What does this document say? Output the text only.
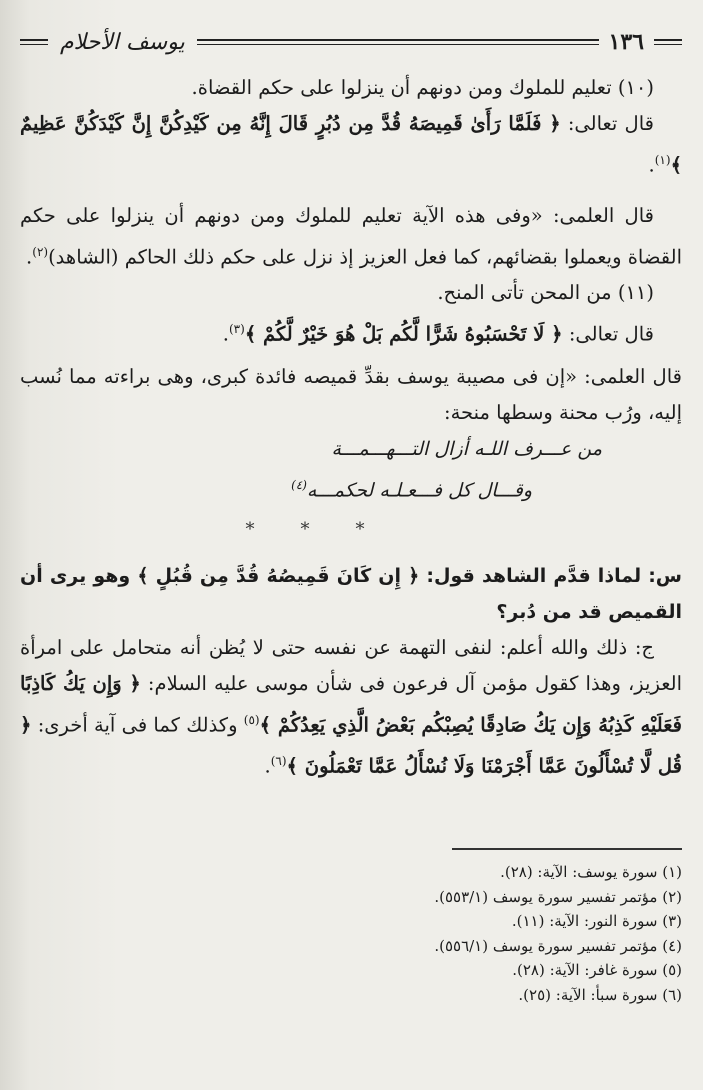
١٣٦
يوسف الأحلام

(١٠) تعليم للملوك ومن دونهم أن ينزلوا على حكم القضاة.

قال تعالى: ﴿ فَلَمَّا رَأَىٰ قَمِيصَهُ قُدَّ مِن دُبُرٍ قَالَ إِنَّهُ مِن كَيْدِكُنَّ إِنَّ كَيْدَكُنَّ عَظِيمٌ ﴾$^{(١)}$.

قال العلمى: «وفى هذه الآية تعليم للملوك ومن دونهم أن ينزلوا على حكم القضاة ويعملوا بقضائهم، كما فعل العزيز إذ نزل على حكم ذلك الحاكم (الشاهد)$^{(٢)}$.

(١١) من المحن تأتى المنح.

قال تعالى: ﴿ لَا تَحْسَبُوهُ شَرًّا لَّكُم بَلْ هُوَ خَيْرٌ لَّكُمْ ﴾$^{(٣)}$.

قال العلمى: «إن فى مصيبة يوسف بقدِّ قميصه فائدة كبرى، وهى براءته مما نُسب إليه، ورُب محنة وسطها منحة:

من عـــرف اللـه أزال التـــهـــمـــة

وقـــال كل فـــعـلـه لحكمـــه$^{(٤)}$

***

س: لماذا قدَّم الشاهد قول: ﴿ إِن كَانَ قَمِيصُهُ قُدَّ مِن قُبُلٍ ﴾ وهو يرى أن القميص قد من دُبر؟

ج: ذلك والله أعلم: لنفى التهمة عن نفسه حتى لا يُظن أنه متحامل على امرأة العزيز، وهذا كقول مؤمن آل فرعون فى شأن موسى عليه السلام: ﴿ وَإِن يَكُ كَاذِبًا فَعَلَيْهِ كَذِبُهُ وَإِن يَكُ صَادِقًا يُصِبْكُم بَعْضُ الَّذِي يَعِدُكُمْ ﴾$^{(٥)}$ وكذلك كما فى آية أخرى: ﴿ قُل لَّا تُسْأَلُونَ عَمَّا أَجْرَمْنَا وَلَا نُسْأَلُ عَمَّا تَعْمَلُونَ ﴾$^{(٦)}$.

(١) سورة يوسف: الآية: (٢٨).
(٢) مؤتمر تفسير سورة يوسف (٥٥٣/١).
(٣) سورة النور: الآية: (١١).
(٤) مؤتمر تفسير سورة يوسف (٥٥٦/١).
(٥) سورة غافر: الآية: (٢٨).
(٦) سورة سبأ: الآية: (٢٥).
